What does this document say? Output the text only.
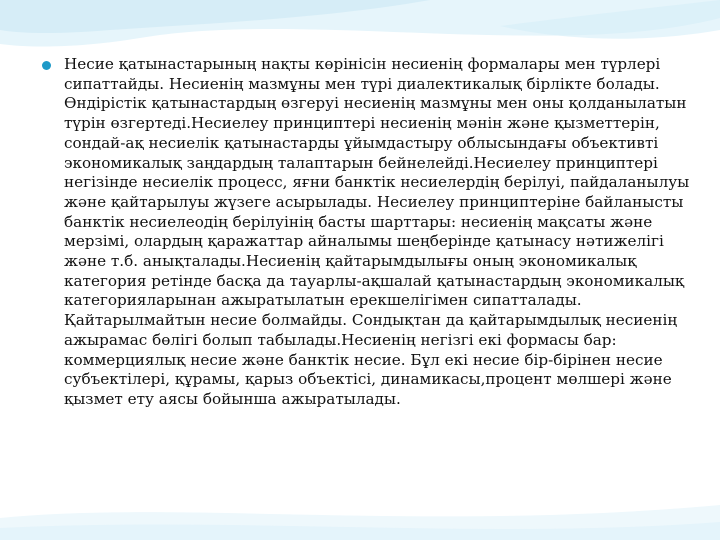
Несие қатынастарының нақты көрінісін несиенің формалары мен түрлері сипаттайды. Несиенің мазмұны мен түрі диалектикалық бірлікте болады. Өндірістік қатынастардың өзгеруі несиенің мазмұны мен оны қолданылатын түрін өзгертеді.Несиелеу принциптері несиенің мәнін және қызметтерін, сондай-ақ несиелік қатынастарды ұйымдастыру облысындағы объективті экономикалық заңдардың талаптарын бейнелейді.Несиелеу принциптері негізінде несиелік процесс, яғни банктік несиелердің берілуі, пайдаланылуы және қайтарылуы жүзеге асырылады. Несиелеу принциптеріне байланысты банктік несиелеодің берілуінің басты шарттары: несиенің мақсаты және мерзімі, олардың қаражаттар айналымы шеңберінде қатынасу нәтижелігі және т.б. анықталады.Несиенің қайтарымдылығы оның экономикалық категория ретінде басқа да тауарлы-ақшалай қатынастардың экономикалық категорияларынан ажыратылатын ерекшелігімен сипатталады. Қайтарылмайтын несие болмайды. Сондықтан да қайтарымдылық несиенің ажырамас бөлігі болып табылады.Несиенің негізгі екі формасы бар: коммерциялық несие және банктік несие. Бұл екі несие бір-бірінен несие субъектілері, құрамы, қарыз объектісі, динамикасы,процент мөлшері және қызмет ету аясы бойынша ажыратылады.
